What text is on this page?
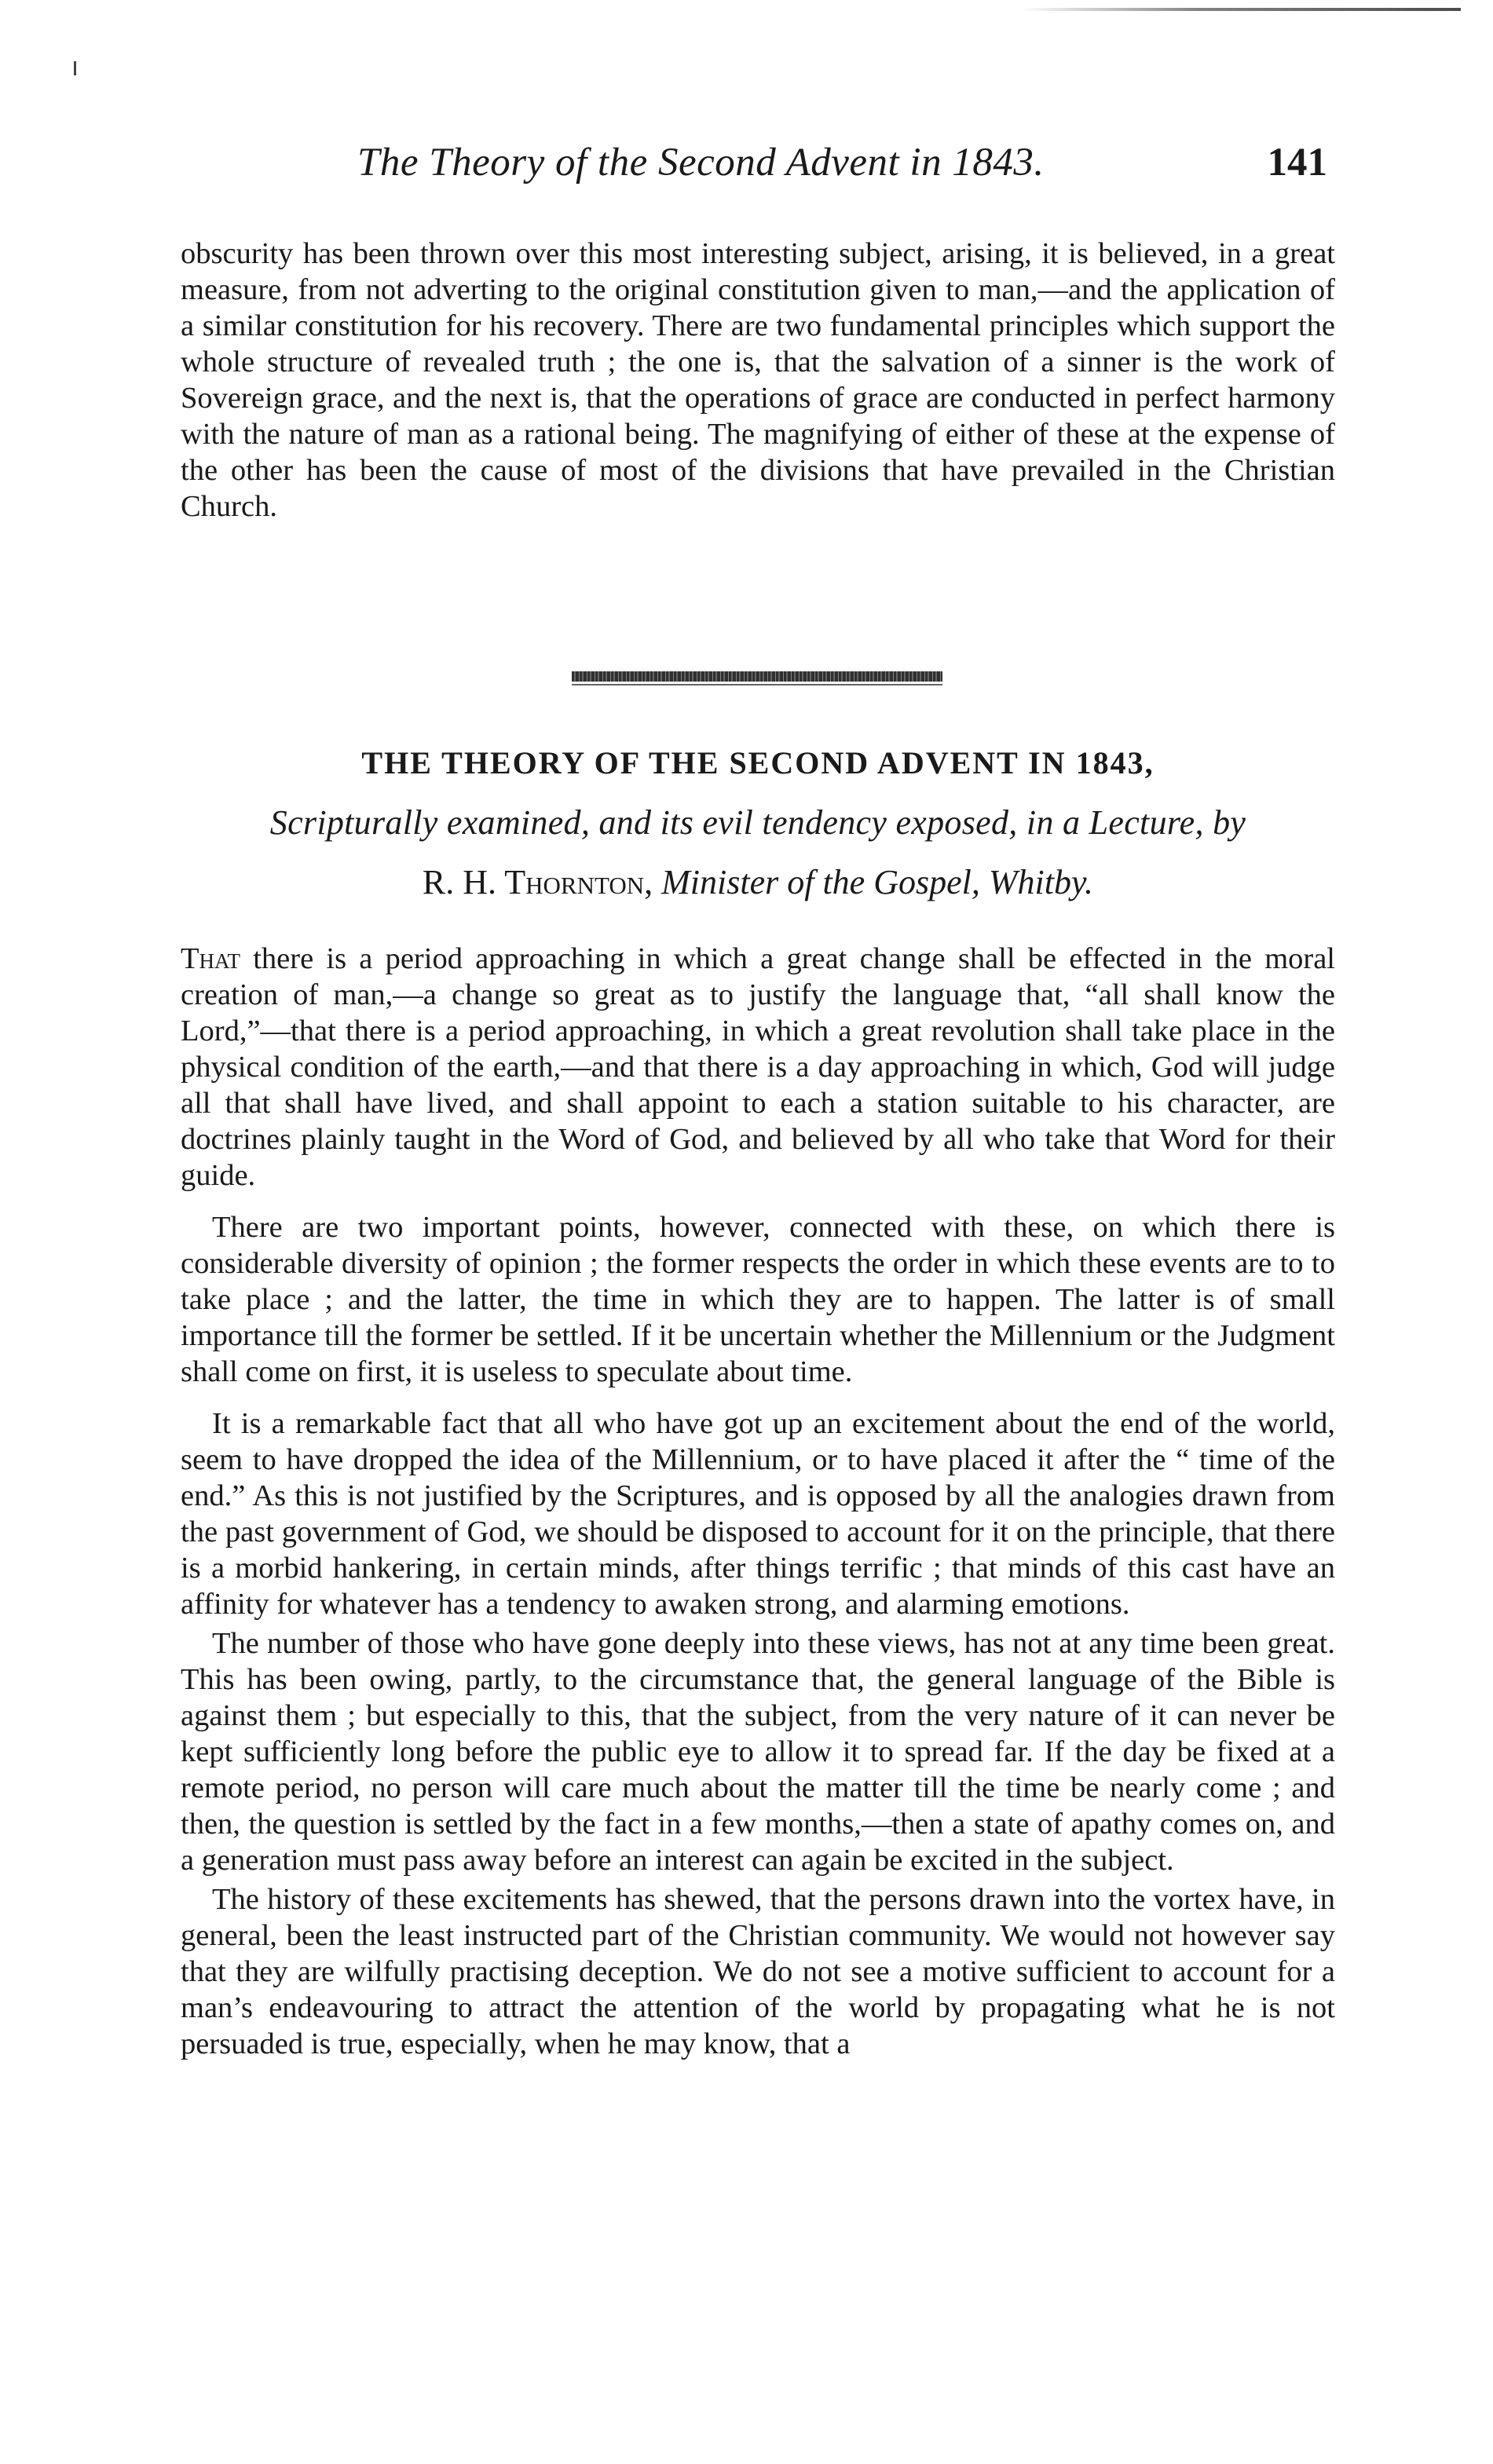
The Theory of the Second Advent in 1843.	141

obscurity has been thrown over this most interesting subject, arising, it is believed, in a great measure, from not adverting to the original constitution given to man,—and the application of a similar constitution for his recovery. There are two fundamental principles which support the whole structure of revealed truth ; the one is, that the salvation of a sinner is the work of Sovereign grace, and the next is, that the operations of grace are conducted in perfect harmony with the nature of man as a rational being. The magnifying of either of these at the expense of the other has been the cause of most of the divisions that have prevailed in the Christian Church.

THE THEORY OF THE SECOND ADVENT IN 1843,
Scripturally examined, and its evil tendency exposed, in a Lecture, by
R. H. Thornton, Minister of the Gospel, Whitby.

That there is a period approaching in which a great change shall be effected in the moral creation of man,—a change so great as to justify the language that, “all shall know the Lord,”—that there is a period approaching, in which a great revolution shall take place in the physical condition of the earth,—and that there is a day approaching in which, God will judge all that shall have lived, and shall appoint to each a station suitable to his character, are doctrines plainly taught in the Word of God, and believed by all who take that Word for their guide.

There are two important points, however, connected with these, on which there is considerable diversity of opinion ; the former respects the order in which these events are to to take place ; and the latter, the time in which they are to happen. The latter is of small importance till the former be settled. If it be uncertain whether the Millennium or the Judgment shall come on first, it is useless to speculate about time.

It is a remarkable fact that all who have got up an excitement about the end of the world, seem to have dropped the idea of the Millennium, or to have placed it after the “ time of the end.” As this is not justified by the Scriptures, and is opposed by all the analogies drawn from the past government of God, we should be disposed to account for it on the principle, that there is a morbid hankering, in certain minds, after things terrific ; that minds of this cast have an affinity for whatever has a tendency to awaken strong, and alarming emotions.

The number of those who have gone deeply into these views, has not at any time been great. This has been owing, partly, to the circumstance that, the general language of the Bible is against them ; but especially to this, that the subject, from the very nature of it can never be kept sufficiently long before the public eye to allow it to spread far. If the day be fixed at a remote period, no person will care much about the matter till the time be nearly come ; and then, the question is settled by the fact in a few months,—then a state of apathy comes on, and a generation must pass away before an interest can again be excited in the subject.

The history of these excitements has shewed, that the persons drawn into the vortex have, in general, been the least instructed part of the Christian community. We would not however say that they are wilfully practising deception. We do not see a motive sufficient to account for a man’s endeavouring to attract the attention of the world by propagating what he is not persuaded is true, especially, when he may know, that a
